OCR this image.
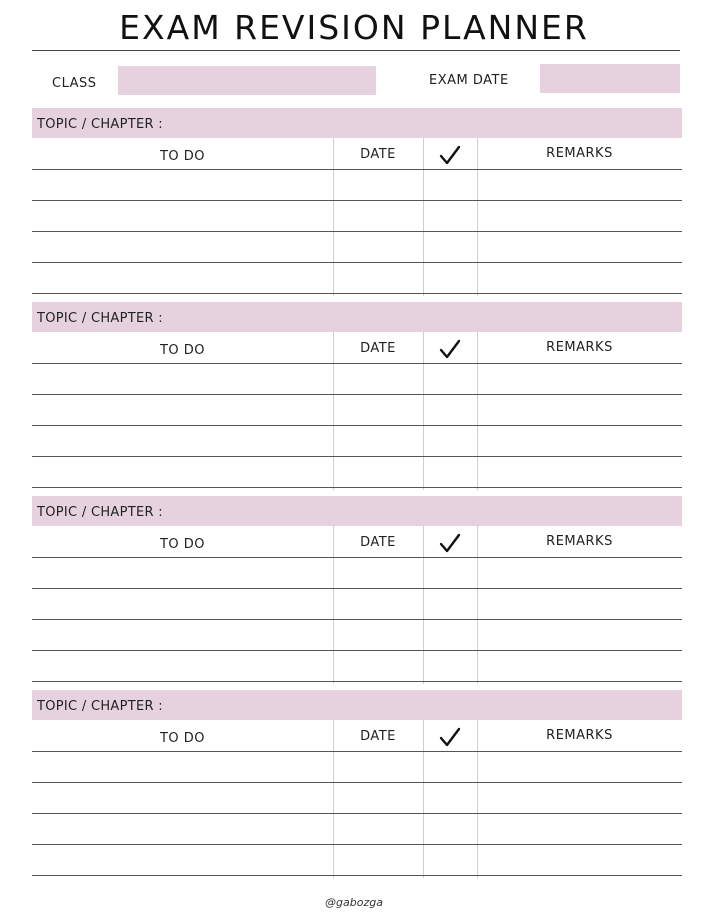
EXAM REVISION PLANNER
CLASS	EXAM DATE
TOPIC / CHAPTER :
TO DO	DATE	REMARKS
TOPIC / CHAPTER :
TO DO	DATE	REMARKS
TOPIC / CHAPTER :
TO DO	DATE	REMARKS
TOPIC / CHAPTER :
TO DO	DATE	REMARKS
@gabozga
